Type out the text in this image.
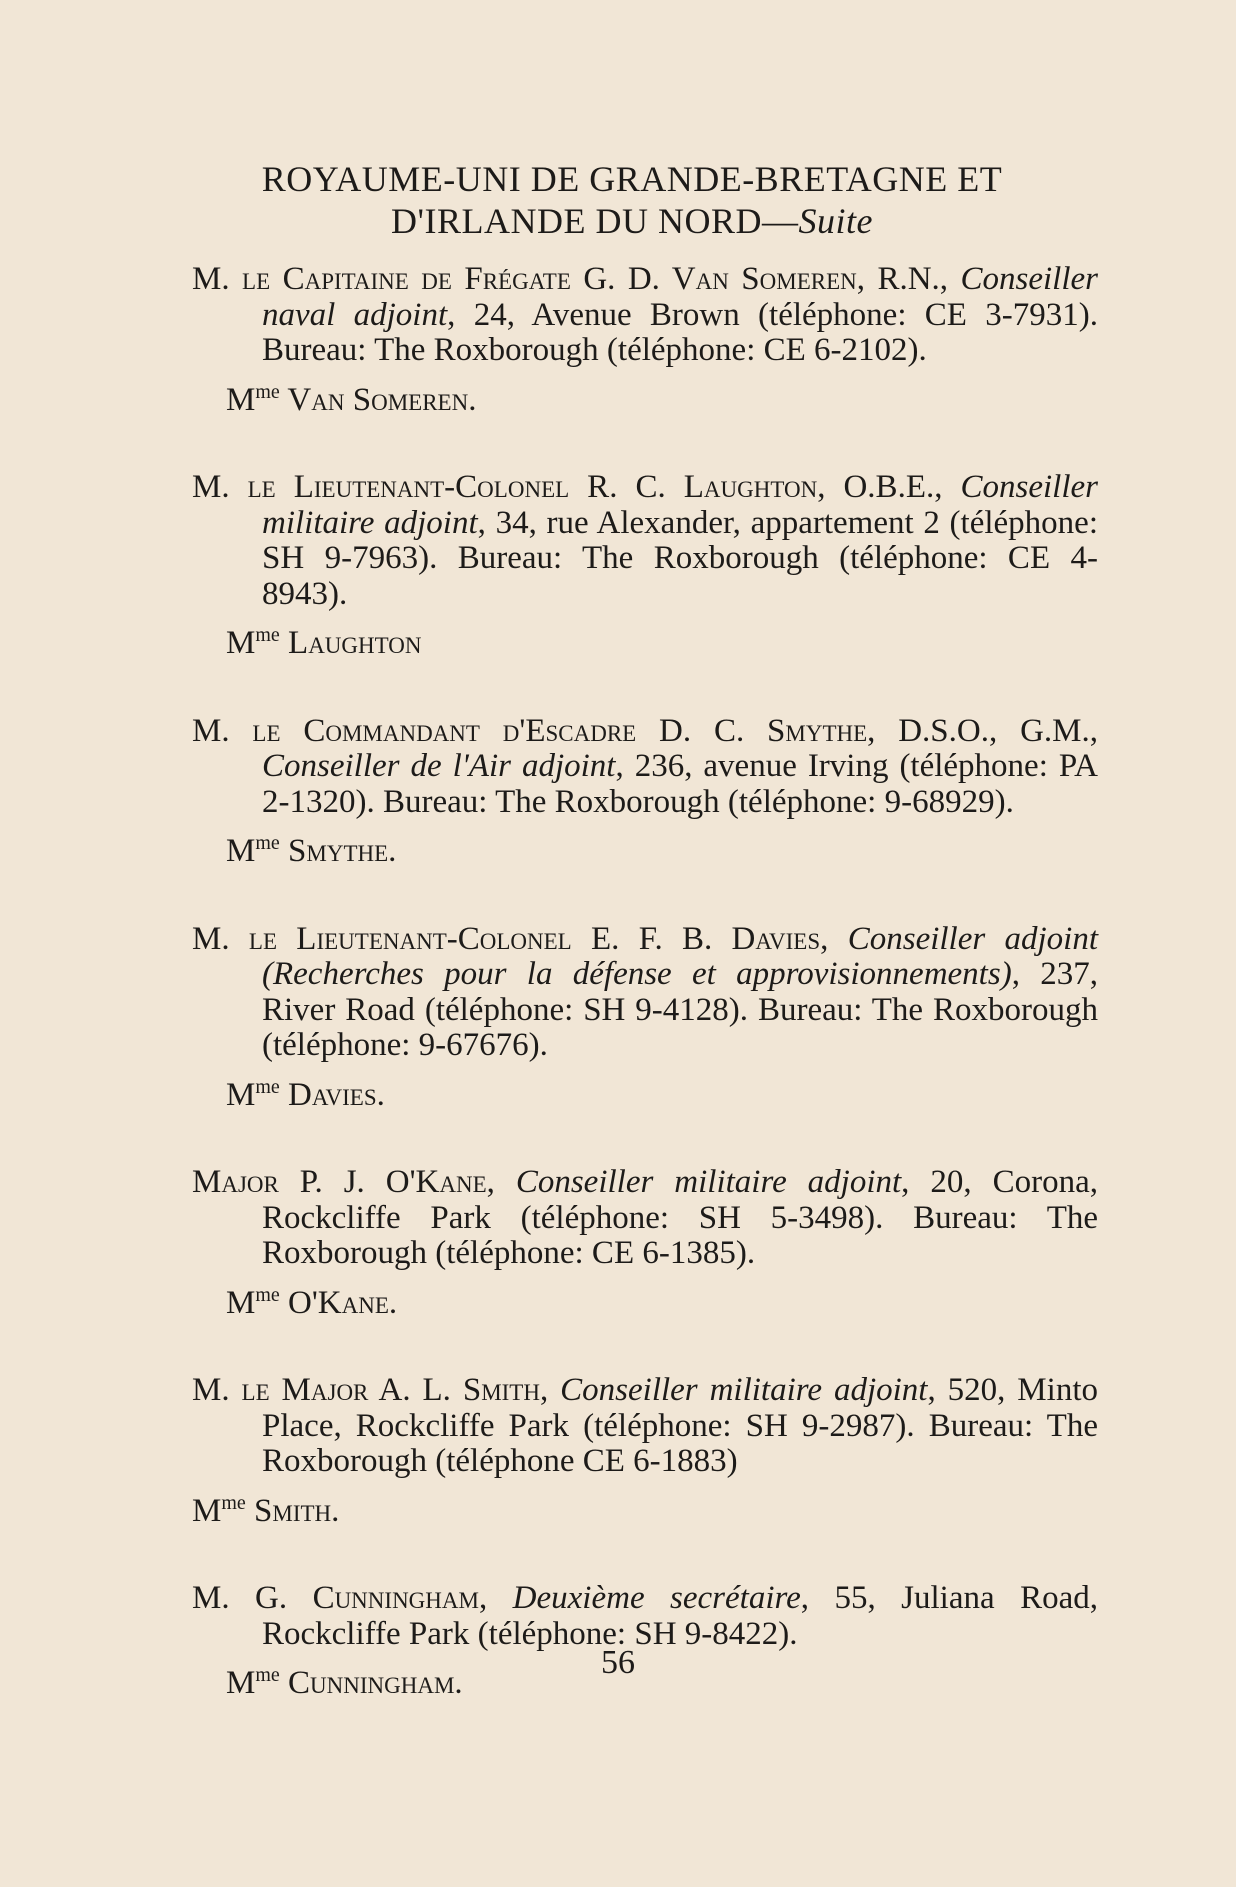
ROYAUME-UNI DE GRANDE-BRETAGNE ET
D'IRLANDE DU NORD—Suite
M. le Capitaine de Frégate G. D. Van Someren, R.N., Conseiller naval adjoint, 24, Avenue Brown (téléphone: CE 3-7931). Bureau: The Roxborough (téléphone: CE 6-2102).
$M^{me}$ Van Someren.
M. le Lieutenant-Colonel R. C. Laughton, O.B.E., Conseiller militaire adjoint, 34, rue Alexander, appartement 2 (téléphone: SH 9-7963). Bureau: The Roxborough (téléphone: CE 4-8943).
$M^{me}$ Laughton
M. le Commandant d'Escadre D. C. Smythe, D.S.O., G.M., Conseiller de l'Air adjoint, 236, avenue Irving (téléphone: PA 2-1320). Bureau: The Roxborough (téléphone: 9-68929).
$M^{me}$ Smythe.
M. le Lieutenant-Colonel E. F. B. Davies, Conseiller adjoint (Recherches pour la défense et approvisionnements), 237, River Road (téléphone: SH 9-4128). Bureau: The Roxborough (téléphone: 9-67676).
$M^{me}$ Davies.
Major P. J. O'Kane, Conseiller militaire adjoint, 20, Corona, Rockcliffe Park (téléphone: SH 5-3498). Bureau: The Roxborough (téléphone: CE 6-1385).
$M^{me}$ O'Kane.
M. le Major A. L. Smith, Conseiller militaire adjoint, 520, Minto Place, Rockcliffe Park (téléphone: SH 9-2987). Bureau: The Roxborough (téléphone CE 6-1883)
$M^{me}$ Smith.
M. G. Cunningham, Deuxième secrétaire, 55, Juliana Road, Rockcliffe Park (téléphone: SH 9-8422).
$M^{me}$ Cunningham.
56
